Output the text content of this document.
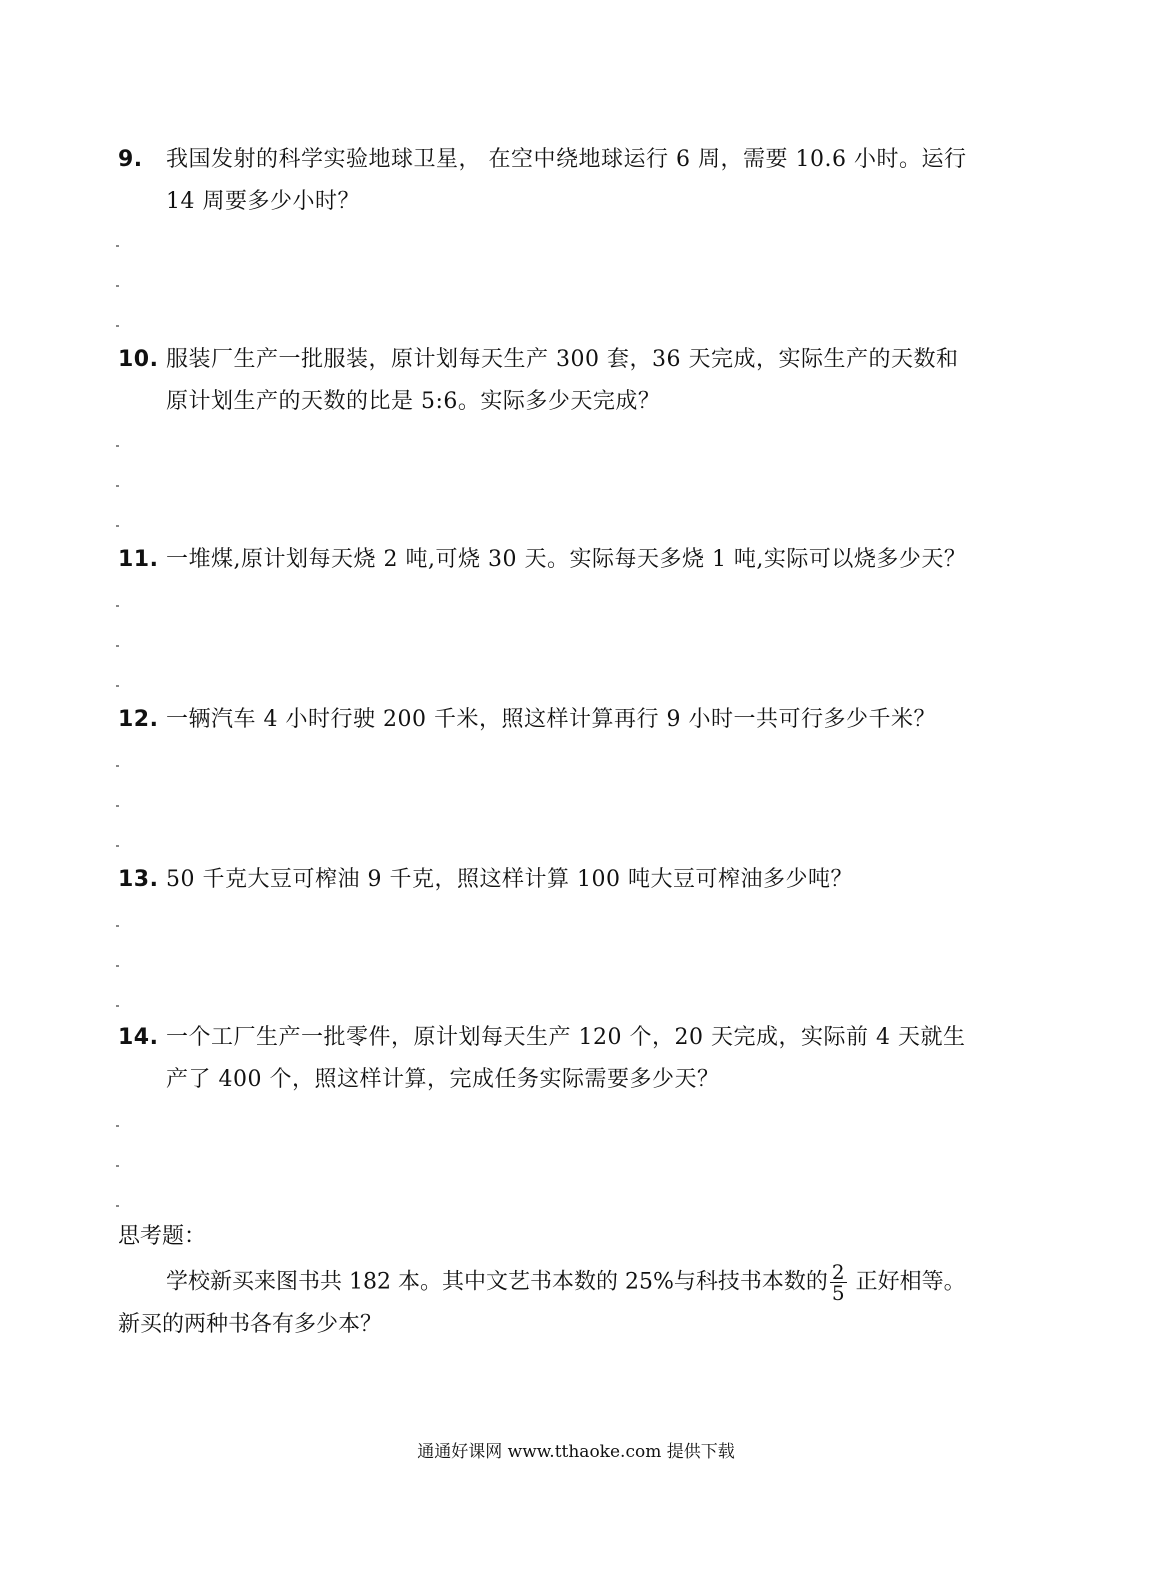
9. 我国发射的科学实验地球卫星， 在空中绕地球运行 6 周，需要 10.6 小时。运行
14 周要多少小时？
10. 服装厂生产一批服装，原计划每天生产 300 套，36 天完成，实际生产的天数和
原计划生产的天数的比是 5:6。实际多少天完成？
11. 一堆煤,原计划每天烧 2 吨,可烧 30 天。实际每天多烧 1 吨,实际可以烧多少天？
12. 一辆汽车 4 小时行驶 200 千米，照这样计算再行 9 小时一共可行多少千米？
13. 50 千克大豆可榨油 9 千克，照这样计算 100 吨大豆可榨油多少吨？
14. 一个工厂生产一批零件，原计划每天生产 120 个，20 天完成，实际前 4 天就生
产了 400 个，照这样计算，完成任务实际需要多少天？
思考题：
学校新买来图书共 182 本。其中文艺书本数的 25%与科技书本数的 $\frac{2}{5}$ 正好相等。
新买的两种书各有多少本？
通通好课网 www.tthaoke.com 提供下载
